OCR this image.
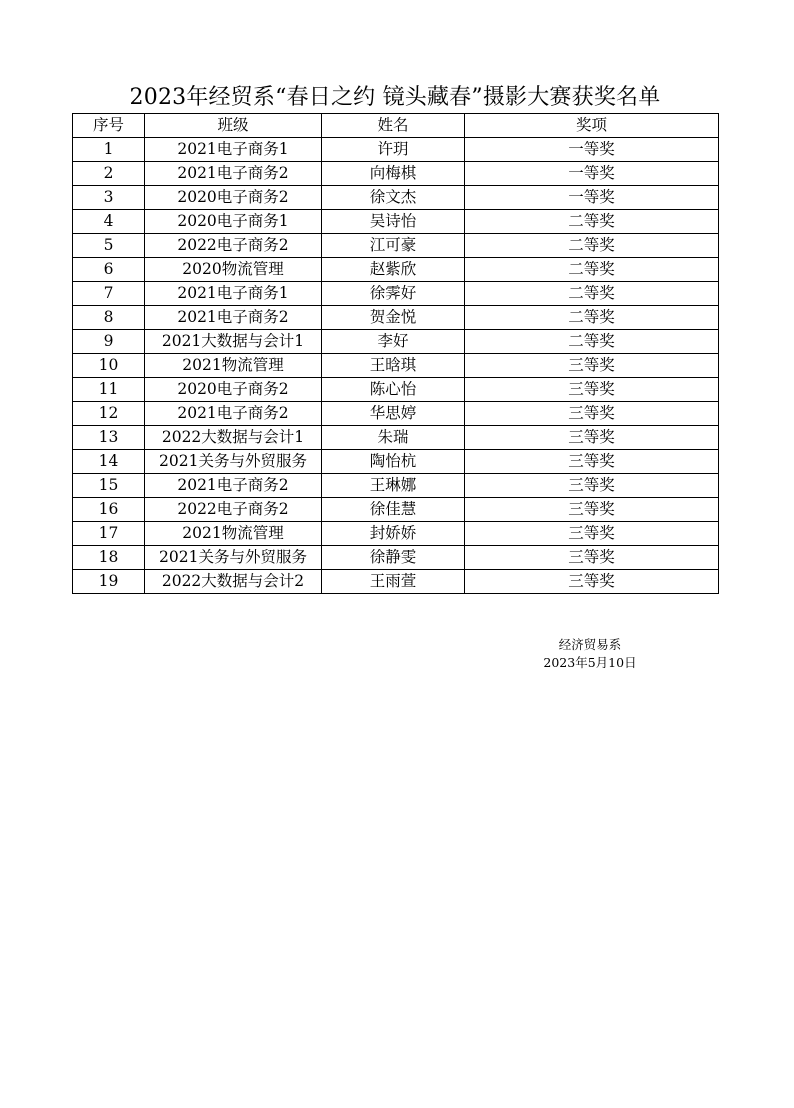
2023年经贸系“春日之约 镜头藏春”摄影大赛获奖名单
序号	班级	姓名	奖项
1	2021电子商务1	许玥	一等奖
2	2021电子商务2	向梅棋	一等奖
3	2020电子商务2	徐文杰	一等奖
4	2020电子商务1	吴诗怡	二等奖
5	2022电子商务2	江可豪	二等奖
6	2020物流管理	赵紫欣	二等奖
7	2021电子商务1	徐霁好	二等奖
8	2021电子商务2	贺金悦	二等奖
9	2021大数据与会计1	李好	二等奖
10	2021物流管理	王晗琪	三等奖
11	2020电子商务2	陈心怡	三等奖
12	2021电子商务2	华思婷	三等奖
13	2022大数据与会计1	朱瑞	三等奖
14	2021关务与外贸服务	陶怡杭	三等奖
15	2021电子商务2	王琳娜	三等奖
16	2022电子商务2	徐佳慧	三等奖
17	2021物流管理	封娇娇	三等奖
18	2021关务与外贸服务	徐静雯	三等奖
19	2022大数据与会计2	王雨萱	三等奖
经济贸易系
2023年5月10日
